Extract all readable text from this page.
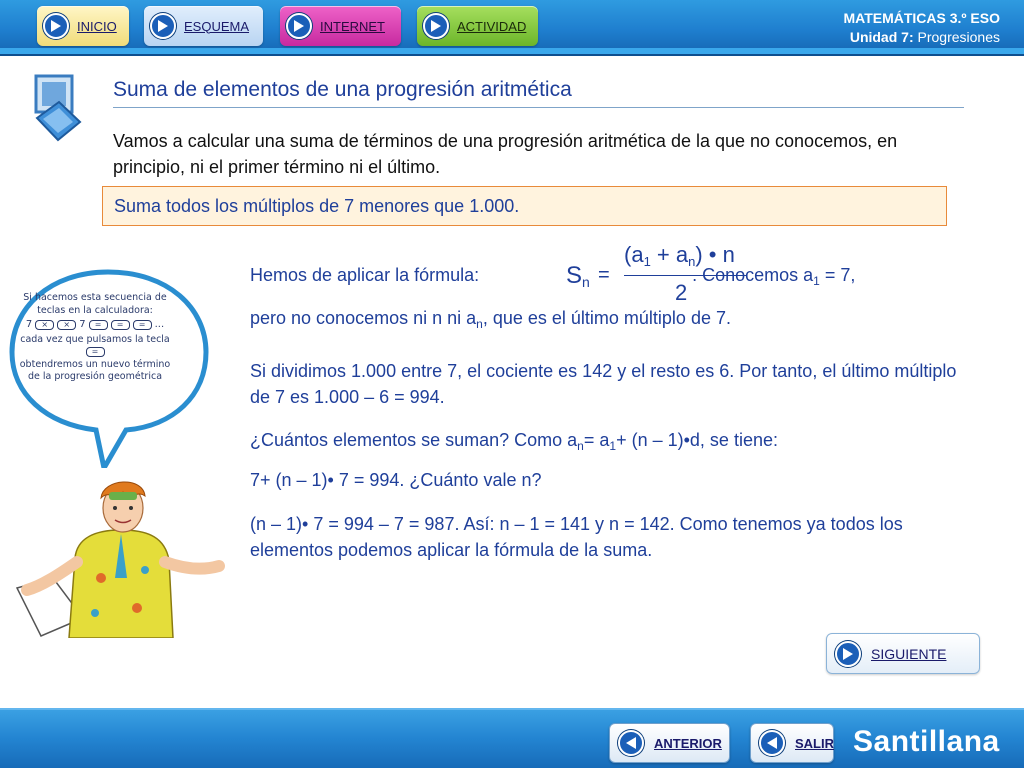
INICIO	ESQUEMA	INTERNET	ACTIVIDAD	MATEMÁTICAS 3.º ESO
Unidad 7: Progresiones
Suma de elementos de una progresión aritmética
Vamos a calcular una suma de términos de una progresión aritmética de la que no conocemos, en principio, ni el primer término ni el último.
Suma todos los múltiplos de 7 menores que 1.000.
$S_n$ =
$(a_1 + a_n)$ • n
2
Hemos de aplicar la fórmula:	. Conocemos $a_1 = 7$,
pero no conocemos ni n ni $a_n$, que es el último múltiplo de 7.
Si dividimos 1.000 entre 7, el cociente es 142 y el resto es 6. Por tanto, el último múltiplo de 7 es 1.000 – 6 = 994.
¿Cuántos elementos se suman? Como $a_n= a_1+ (n$ – 1)•d, se tiene:
7+ (n – 1)• 7 = 994. ¿Cuánto vale n?
(n – 1)• 7 = 994 – 7 = 987. Así: n – 1 = 141 y n = 142. Como tenemos ya todos los elementos podemos aplicar la fórmula de la suma.
Si hacemos esta secuencia de teclas en la calculadora:
7	×	× 7	=	=	= ...
cada vez que pulsamos la tecla =
obtendremos un nuevo término de la progresión geométrica
SIGUIENTE
ANTERIOR	SALIR Santillana
